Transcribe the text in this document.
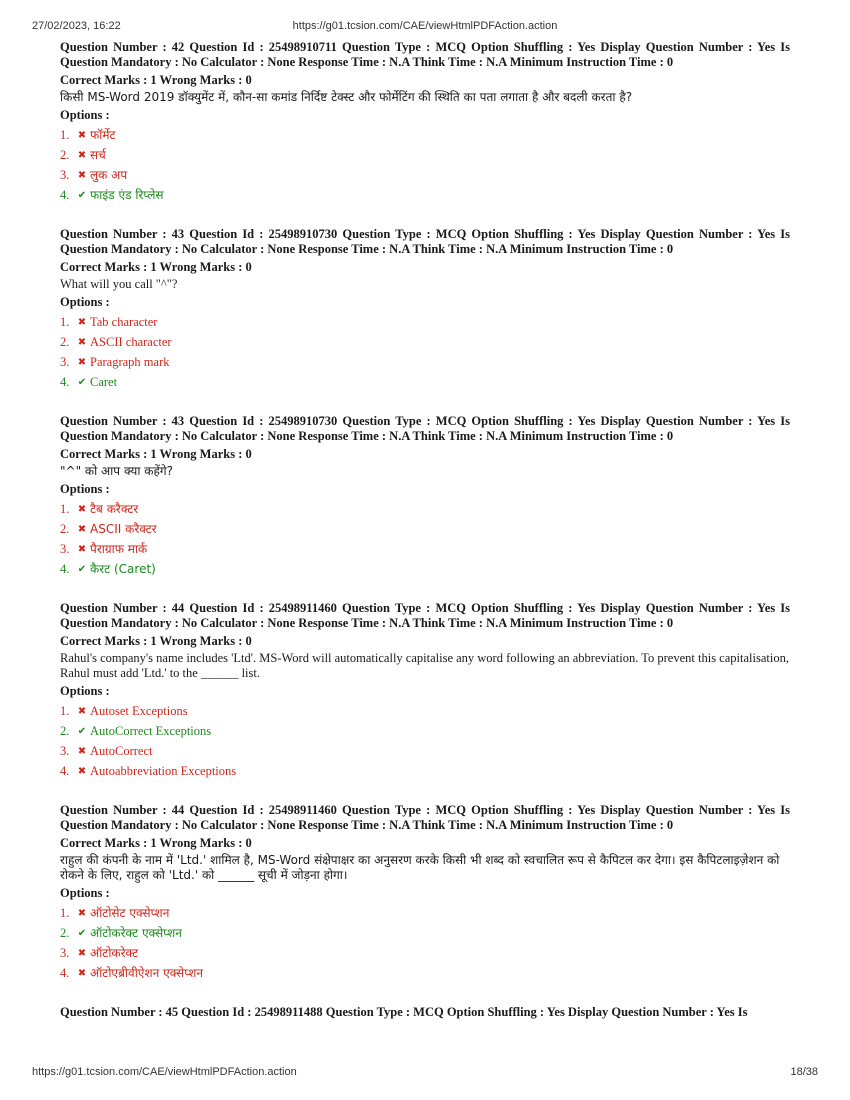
27/02/2023, 16:22	https://g01.tcsion.com/CAE/viewHtmlPDFAction.action
Question Number : 42 Question Id : 25498910711 Question Type : MCQ Option Shuffling : Yes Display Question Number : Yes Is Question Mandatory : No Calculator : None Response Time : N.A Think Time : N.A Minimum Instruction Time : 0
Correct Marks : 1 Wrong Marks : 0
किसी MS-Word 2019 डॉक्युमेंट में, कौन-सा कमांड निर्दिष्ट टेक्स्ट और फोर्मेटिंग की स्थिति का पता लगाता है और बदली करता है?
Options :
1. ✖ फॉर्मेट
2. ✖ सर्च
3. ✖ लुक अप
4. ✔ फाइंड एंड रिप्लेस
Question Number : 43 Question Id : 25498910730 Question Type : MCQ Option Shuffling : Yes Display Question Number : Yes Is Question Mandatory : No Calculator : None Response Time : N.A Think Time : N.A Minimum Instruction Time : 0
Correct Marks : 1 Wrong Marks : 0
What will you call "^"?
Options :
1. ✖ Tab character
2. ✖ ASCII character
3. ✖ Paragraph mark
4. ✔ Caret
Question Number : 43 Question Id : 25498910730 Question Type : MCQ Option Shuffling : Yes Display Question Number : Yes Is Question Mandatory : No Calculator : None Response Time : N.A Think Time : N.A Minimum Instruction Time : 0
Correct Marks : 1 Wrong Marks : 0
"^" को आप क्या कहेंगे?
Options :
1. ✖ टैब करैक्टर
2. ✖ ASCII करैक्टर
3. ✖ पैराग्राफ मार्क
4. ✔ कैरट (Caret)
Question Number : 44 Question Id : 25498911460 Question Type : MCQ Option Shuffling : Yes Display Question Number : Yes Is Question Mandatory : No Calculator : None Response Time : N.A Think Time : N.A Minimum Instruction Time : 0
Correct Marks : 1 Wrong Marks : 0
Rahul's company's name includes 'Ltd'. MS-Word will automatically capitalise any word following an abbreviation. To prevent this capitalisation, Rahul must add 'Ltd.' to the ______ list.
Options :
1. ✖ Autoset Exceptions
2. ✔ AutoCorrect Exceptions
3. ✖ AutoCorrect
4. ✖ Autoabbreviation Exceptions
Question Number : 44 Question Id : 25498911460 Question Type : MCQ Option Shuffling : Yes Display Question Number : Yes Is Question Mandatory : No Calculator : None Response Time : N.A Think Time : N.A Minimum Instruction Time : 0
Correct Marks : 1 Wrong Marks : 0
राहुल की कंपनी के नाम में 'Ltd.' शामिल है, MS-Word संक्षेपाक्षर का अनुसरण करके किसी भी शब्द को स्वचालित रूप से कैपिटल कर देगा। इस कैपिटलाइज़ेशन को रोकने के लिए, राहुल को 'Ltd.' को ______ सूची में जोड़ना होगा।
Options :
1. ✖ ऑटोसेट एक्सेप्शन
2. ✔ ऑटोकरेक्ट एक्सेप्शन
3. ✖ ऑटोकरेक्ट
4. ✖ ऑटोएब्रीवीऐशन एक्सेप्शन
Question Number : 45 Question Id : 25498911488 Question Type : MCQ Option Shuffling : Yes Display Question Number : Yes Is
https://g01.tcsion.com/CAE/viewHtmlPDFAction.action	18/38
